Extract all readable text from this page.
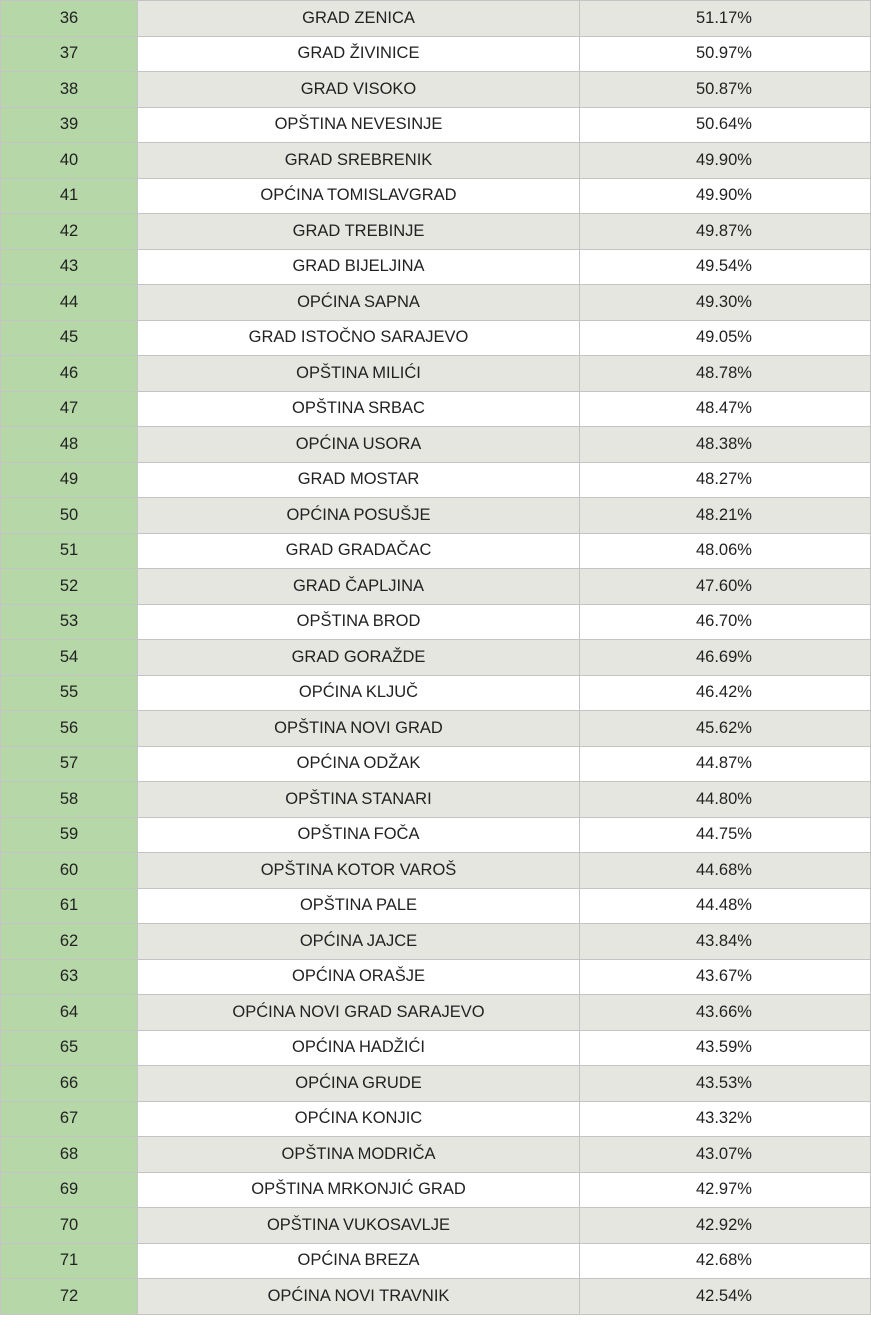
36	GRAD ZENICA	51.17%
37	GRAD ŽIVINICE	50.97%
38	GRAD VISOKO	50.87%
39	OPŠTINA NEVESINJE	50.64%
40	GRAD SREBRENIK	49.90%
41	OPĆINA TOMISLAVGRAD	49.90%
42	GRAD TREBINJE	49.87%
43	GRAD BIJELJINA	49.54%
44	OPĆINA SAPNA	49.30%
45	GRAD ISTOČNO SARAJEVO	49.05%
46	OPŠTINA MILIĆI	48.78%
47	OPŠTINA SRBAC	48.47%
48	OPĆINA USORA	48.38%
49	GRAD MOSTAR	48.27%
50	OPĆINA POSUŠJE	48.21%
51	GRAD GRADAČAC	48.06%
52	GRAD ČAPLJINA	47.60%
53	OPŠTINA BROD	46.70%
54	GRAD GORAŽDE	46.69%
55	OPĆINA KLJUČ	46.42%
56	OPŠTINA NOVI GRAD	45.62%
57	OPĆINA ODŽAK	44.87%
58	OPŠTINA STANARI	44.80%
59	OPŠTINA FOČA	44.75%
60	OPŠTINA KOTOR VAROŠ	44.68%
61	OPŠTINA PALE	44.48%
62	OPĆINA JAJCE	43.84%
63	OPĆINA ORAŠJE	43.67%
64	OPĆINA NOVI GRAD SARAJEVO	43.66%
65	OPĆINA HADŽIĆI	43.59%
66	OPĆINA GRUDE	43.53%
67	OPĆINA KONJIC	43.32%
68	OPŠTINA MODRIČA	43.07%
69	OPŠTINA MRKONJIĆ GRAD	42.97%
70	OPŠTINA VUKOSAVLJE	42.92%
71	OPĆINA BREZA	42.68%
72	OPĆINA NOVI TRAVNIK	42.54%
